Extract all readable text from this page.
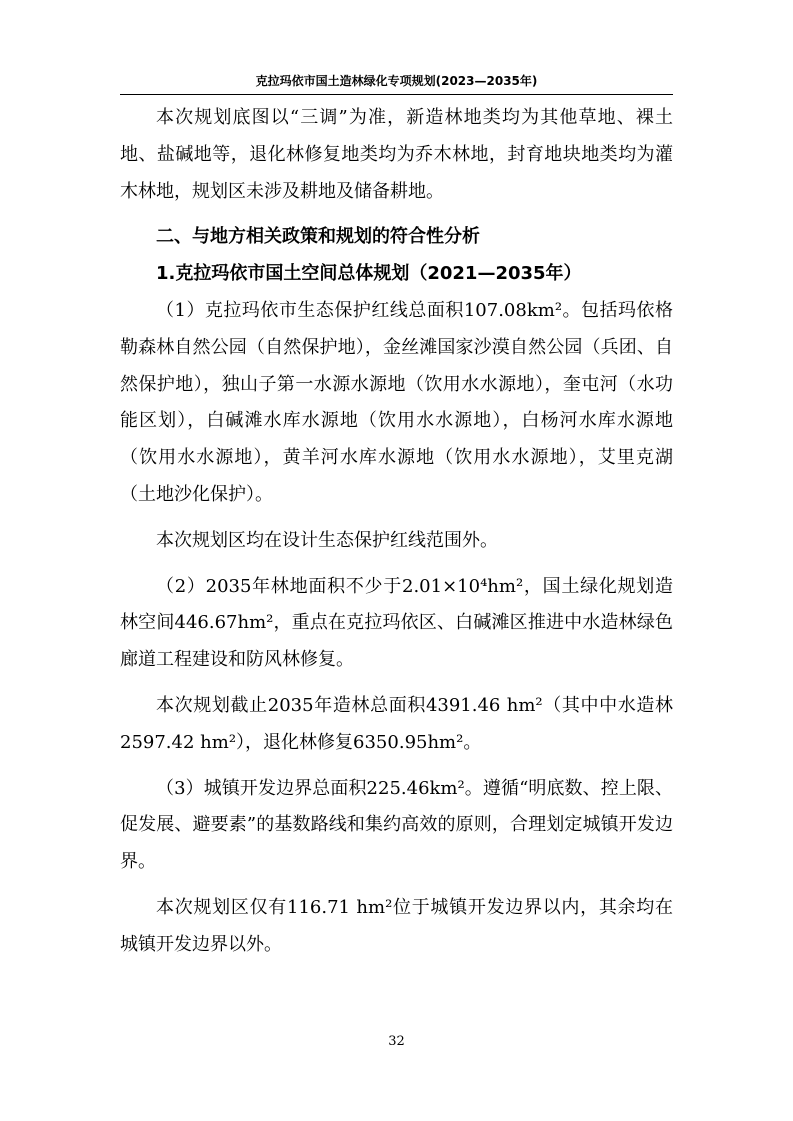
克拉玛依市国土造林绿化专项规划(2023—2035年)

本次规划底图以“三调”为准，新造林地类均为其他草地、裸土地、盐碱地等，退化林修复地类均为乔木林地，封育地块地类均为灌木林地，规划区未涉及耕地及储备耕地。

二、与地方相关政策和规划的符合性分析

1.克拉玛依市国土空间总体规划（2021—2035年）

（1）克拉玛依市生态保护红线总面积107.08km²。包括玛依格勒森林自然公园（自然保护地），金丝滩国家沙漠自然公园（兵团、自然保护地），独山子第一水源水源地（饮用水水源地），奎屯河（水功能区划），白碱滩水库水源地（饮用水水源地），白杨河水库水源地（饮用水水源地），黄羊河水库水源地（饮用水水源地），艾里克湖（土地沙化保护）。

本次规划区均在设计生态保护红线范围外。

（2）2035年林地面积不少于2.01×10⁴hm²，国土绿化规划造林空间446.67hm²，重点在克拉玛依区、白碱滩区推进中水造林绿色廊道工程建设和防风林修复。

本次规划截止2035年造林总面积4391.46 hm²（其中中水造林2597.42 hm²），退化林修复6350.95hm²。

（3）城镇开发边界总面积225.46km²。遵循“明底数、控上限、促发展、避要素”的基数路线和集约高效的原则，合理划定城镇开发边界。

本次规划区仅有116.71 hm²位于城镇开发边界以内，其余均在城镇开发边界以外。

32
